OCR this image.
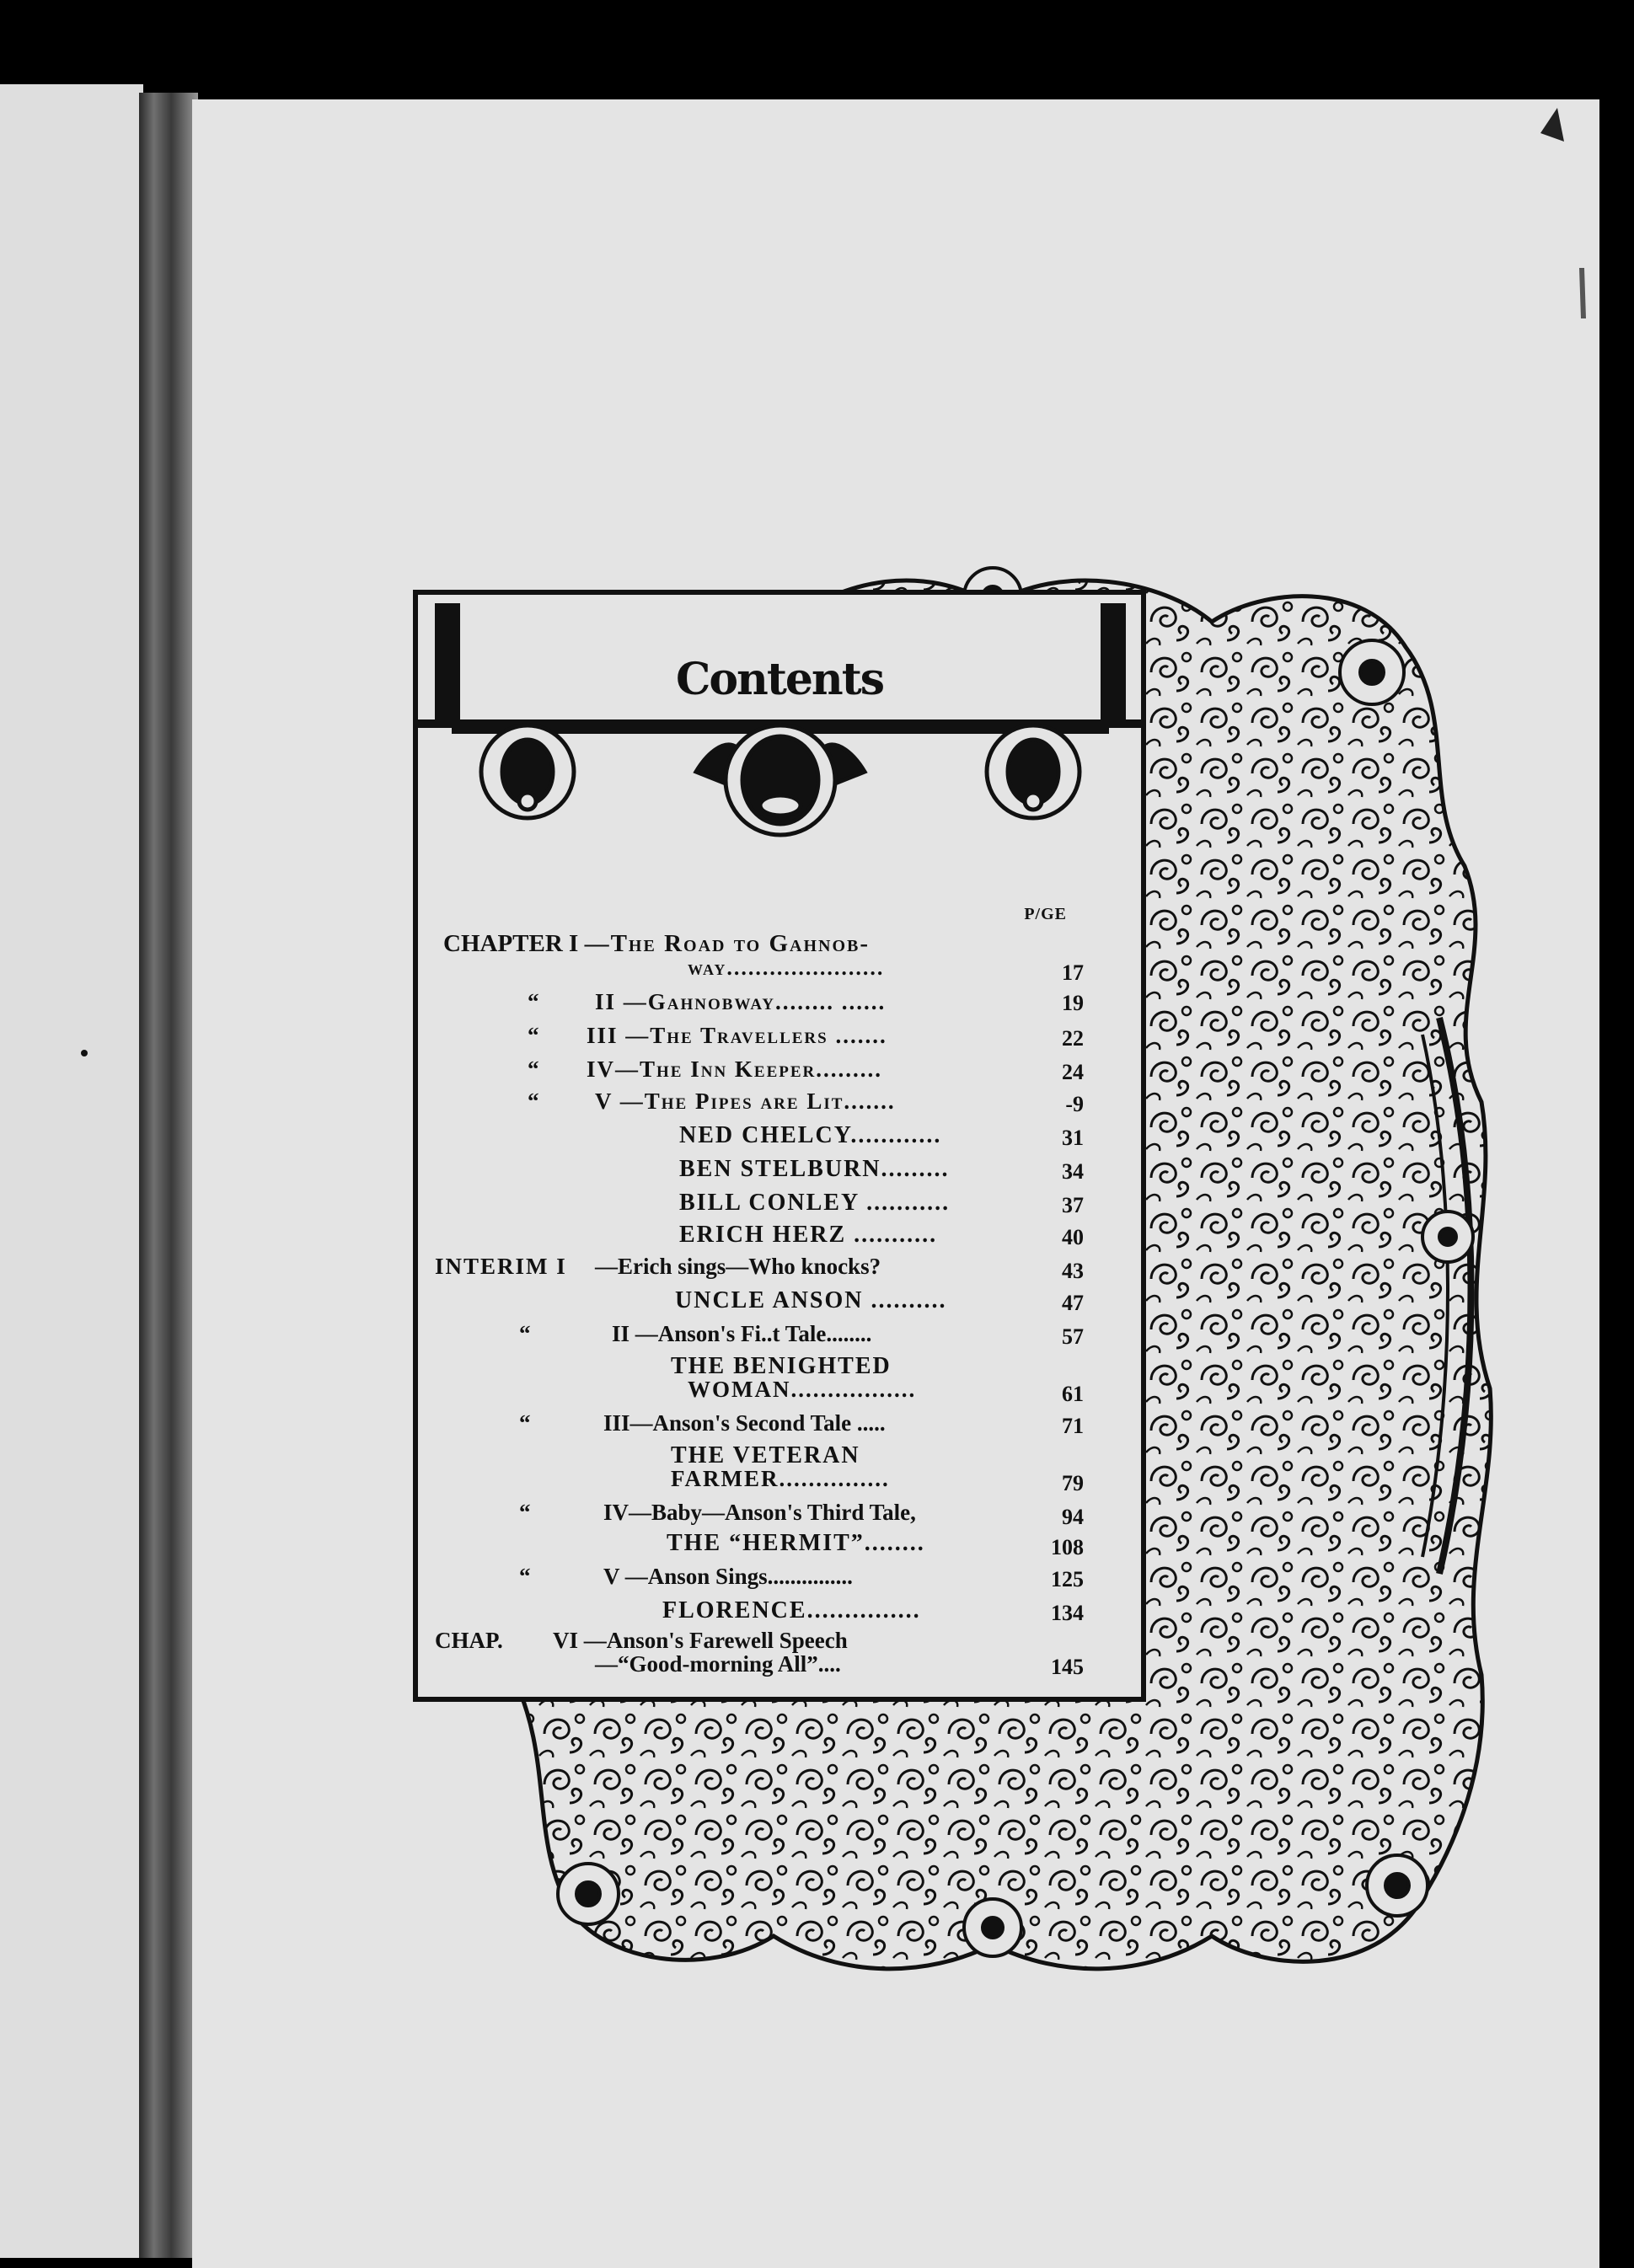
Contents
P/GE
CHAPTER I —The Road to Gahnob-
way......................	17
“ II —Gahnobway........ ......	19
“ III —The Travellers .......	22
“ IV—The Inn Keeper.........	24
“ V —The Pipes are Lit.......	-9
NED CHELCY............	31
BEN STELBURN.........	34
BILL CONLEY ...........	37
ERICH HERZ ...........	40
INTERIM I —Erich sings—Who knocks?	43
UNCLE ANSON ..........	47
“	II —Anson's Fi..t Tale........	57
THE BENIGHTED
WOMAN.................	61
“	III—Anson's Second Tale .....	71
THE VETERAN
FARMER...............	79
“	IV—Baby—Anson's Third Tale,	94
THE “HERMIT”........	108
“	V —Anson Sings...............	125
FLORENCE...............	134
CHAP. VI —Anson's Farewell Speech
—“Good-morning All”....	145
